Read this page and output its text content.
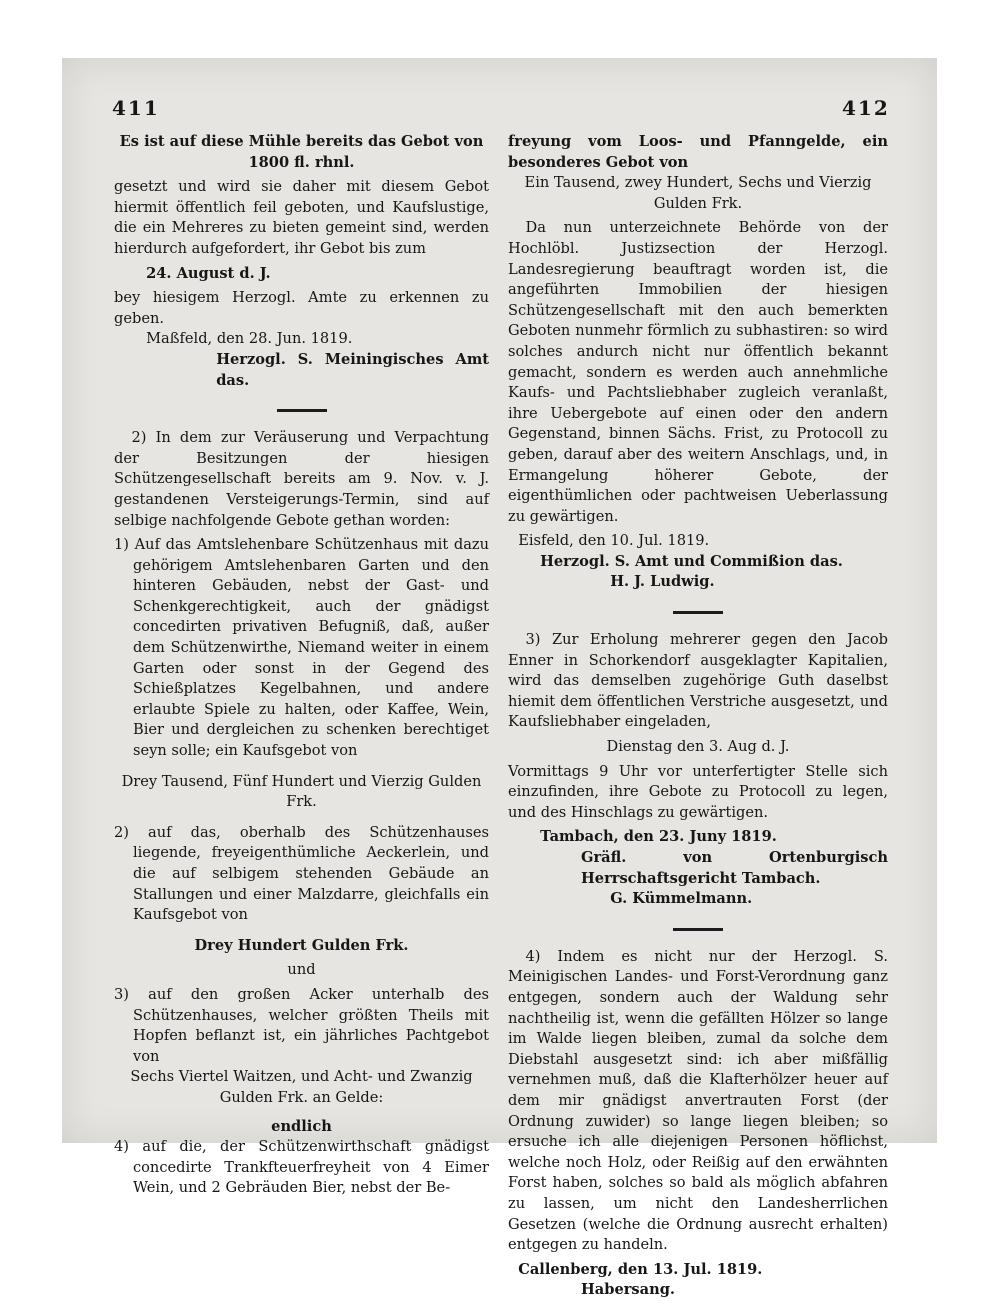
411	412

Es ist auf diese Mühle bereits das Gebot von

1800 fl. rhnl.

gesetzt und wird sie daher mit diesem Gebot hiermit öffentlich feil geboten, und Kaufslustige, die ein Mehreres zu bieten gemeint sind, werden hierdurch aufgefordert, ihr Gebot bis zum

24. August d. J.

bey hiesigem Herzogl. Amte zu erkennen zu geben.

Maßfeld, den 28. Jun. 1819.

Herzogl. S. Meiningisches Amt das.

2) In dem zur Veräuserung und Verpachtung der Besitzungen der hiesigen Schützengesellschaft bereits am 9. Nov. v. J. gestandenen Versteigerungs-Termin, sind auf selbige nachfolgende Gebote gethan worden:

1) Auf das Amtslehenbare Schützenhaus mit dazu gehörigem Amtslehenbaren Garten und den hinteren Gebäuden, nebst der Gast- und Schenkgerechtigkeit, auch der gnädigst concedirten privativen Befugniß, daß, außer dem Schützenwirthe, Niemand weiter in einem Garten oder sonst in der Gegend des Schießplatzes Kegelbahnen, und andere erlaubte Spiele zu halten, oder Kaffee, Wein, Bier und dergleichen zu schenken berechtiget seyn solle; ein Kaufsgebot von

Drey Tausend, Fünf Hundert und Vierzig Gulden Frk.

2) auf das, oberhalb des Schützenhauses liegende, freyeigenthümliche Aeckerlein, und die auf selbigem stehenden Gebäude an Stallungen und einer Malzdarre, gleichfalls ein Kaufsgebot von

Drey Hundert Gulden Frk.

und

3) auf den großen Acker unterhalb des Schützenhauses, welcher größten Theils mit Hopfen beflanzt ist, ein jährliches Pachtgebot von

Sechs Viertel Waitzen, und Acht- und Zwanzig Gulden Frk. an Gelde:

endlich

4) auf die, der Schützenwirthschaft gnädigst concedirte Trankfteuerfreyheit von 4 Eimer Wein, und 2 Gebräuden Bier, nebst der Be-

freyung vom Loos- und Pfanngelde, ein besonderes Gebot von

Ein Tausend, zwey Hundert, Sechs und Vierzig Gulden Frk.

Da nun unterzeichnete Behörde von der Hochlöbl. Justizsection der Herzogl. Landesregierung beauftragt worden ist, die angeführten Immobilien der hiesigen Schützengesellschaft mit den auch bemerkten Geboten nunmehr förmlich zu subhastiren: so wird solches andurch nicht nur öffentlich bekannt gemacht, sondern es werden auch annehmliche Kaufs- und Pachtsliebhaber zugleich veranlaßt, ihre Uebergebote auf einen oder den andern Gegenstand, binnen Sächs. Frist, zu Protocoll zu geben, darauf aber des weitern Anschlags, und, in Ermangelung höherer Gebote, der eigenthümlichen oder pachtweisen Ueberlassung zu gewärtigen.

Eisfeld, den 10. Jul. 1819.

Herzogl. S. Amt und Commißion das.

H. J. Ludwig.

3) Zur Erholung mehrerer gegen den Jacob Enner in Schorkendorf ausgeklagter Kapitalien, wird das demselben zugehörige Guth daselbst hiemit dem öffentlichen Verstriche ausgesetzt, und Kaufsliebhaber eingeladen,

Dienstag den 3. Aug d. J.

Vormittags 9 Uhr vor unterfertigter Stelle sich einzufinden, ihre Gebote zu Protocoll zu legen, und des Hinschlags zu gewärtigen.

Tambach, den 23. Juny 1819.

Gräfl. von Ortenburgisch Herrschaftsgericht Tambach.

G. Kümmelmann.

4) Indem es nicht nur der Herzogl. S. Meinigischen Landes- und Forst-Verordnung ganz entgegen, sondern auch der Waldung sehr nachtheilig ist, wenn die gefällten Hölzer so lange im Walde liegen bleiben, zumal da solche dem Diebstahl ausgesetzt sind: ich aber mißfällig vernehmen muß, daß die Klafterhölzer heuer auf dem mir gnädigst anvertrauten Forst (der Ordnung zuwider) so lange liegen bleiben; so ersuche ich alle diejenigen Personen höflichst, welche noch Holz, oder Reißig auf den erwähnten Forst haben, solches so bald als möglich abfahren zu lassen, um nicht den Landesherrlichen Gesetzen (welche die Ordnung ausrecht erhalten) entgegen zu handeln.

Callenberg, den 13. Jul. 1819.

Habersang.
